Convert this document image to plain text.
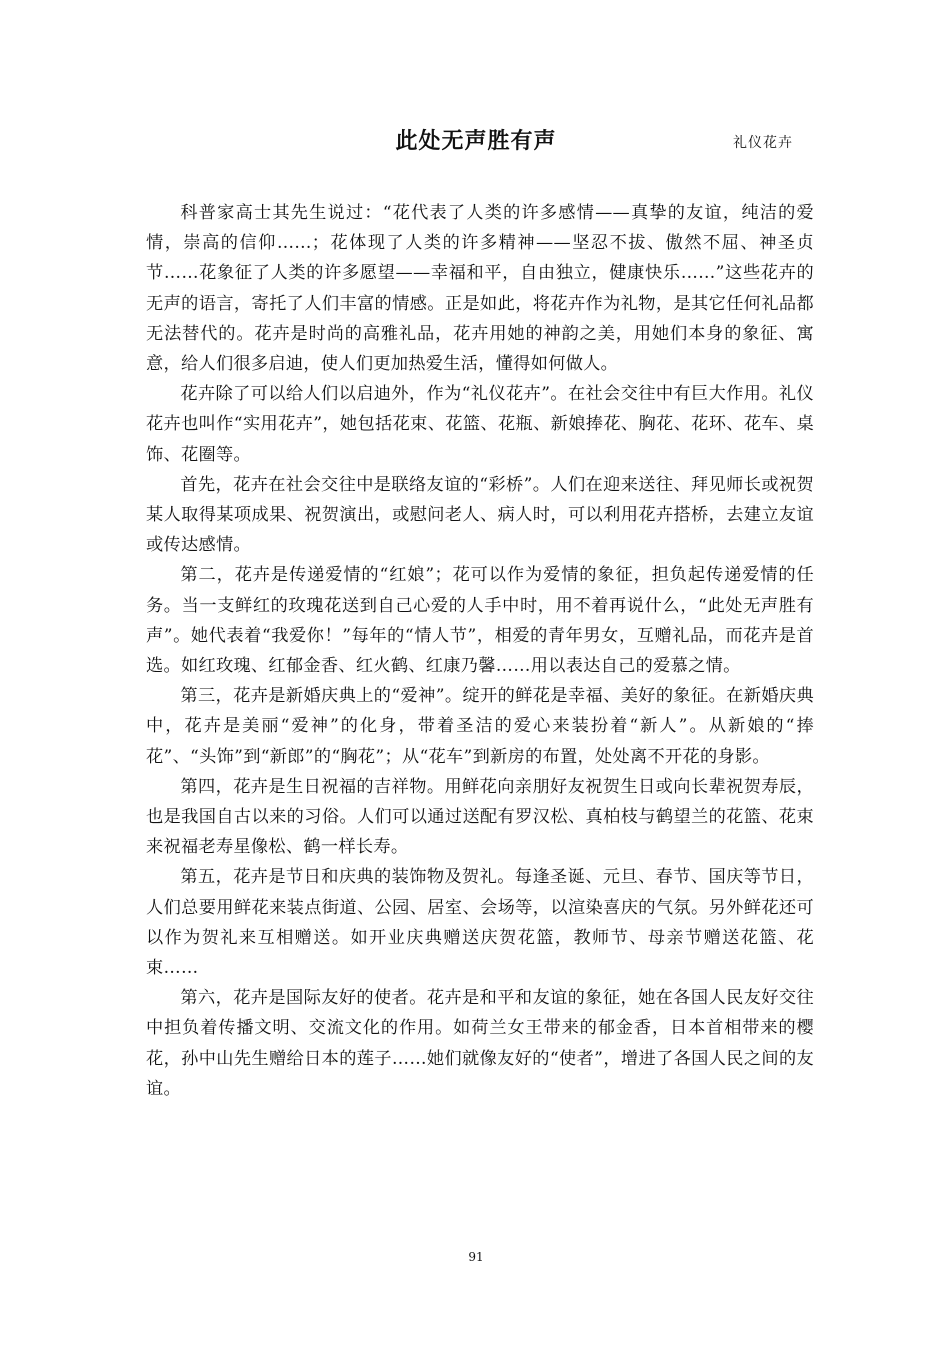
此处无声胜有声	礼仪花卉

科普家高士其先生说过：“花代表了人类的许多感情——真挚的友谊，纯洁的爱情，崇高的信仰……；花体现了人类的许多精神——坚忍不拔、傲然不屈、神圣贞节……花象征了人类的许多愿望——幸福和平，自由独立，健康快乐……”这些花卉的无声的语言，寄托了人们丰富的情感。正是如此，将花卉作为礼物，是其它任何礼品都无法替代的。花卉是时尚的高雅礼品，花卉用她的神韵之美，用她们本身的象征、寓意，给人们很多启迪，使人们更加热爱生活，懂得如何做人。

花卉除了可以给人们以启迪外，作为“礼仪花卉”。在社会交往中有巨大作用。礼仪花卉也叫作“实用花卉”，她包括花束、花篮、花瓶、新娘捧花、胸花、花环、花车、桌饰、花圈等。

首先，花卉在社会交往中是联络友谊的“彩桥”。人们在迎来送往、拜见师长或祝贺某人取得某项成果、祝贺演出，或慰问老人、病人时，可以利用花卉搭桥，去建立友谊或传达感情。

第二，花卉是传递爱情的“红娘”；花可以作为爱情的象征，担负起传递爱情的任务。当一支鲜红的玫瑰花送到自己心爱的人手中时，用不着再说什么，“此处无声胜有声”。她代表着“我爱你！”每年的“情人节”，相爱的青年男女，互赠礼品，而花卉是首选。如红玫瑰、红郁金香、红火鹤、红康乃馨……用以表达自己的爱慕之情。

第三，花卉是新婚庆典上的“爱神”。绽开的鲜花是幸福、美好的象征。在新婚庆典中，花卉是美丽“爱神”的化身，带着圣洁的爱心来装扮着“新人”。从新娘的“捧花”、“头饰”到“新郎”的“胸花”；从“花车”到新房的布置，处处离不开花的身影。

第四，花卉是生日祝福的吉祥物。用鲜花向亲朋好友祝贺生日或向长辈祝贺寿辰，也是我国自古以来的习俗。人们可以通过送配有罗汉松、真柏枝与鹤望兰的花篮、花束来祝福老寿星像松、鹤一样长寿。

第五，花卉是节日和庆典的装饰物及贺礼。每逢圣诞、元旦、春节、国庆等节日，人们总要用鲜花来装点街道、公园、居室、会场等，以渲染喜庆的气氛。另外鲜花还可以作为贺礼来互相赠送。如开业庆典赠送庆贺花篮，教师节、母亲节赠送花篮、花束……

第六，花卉是国际友好的使者。花卉是和平和友谊的象征，她在各国人民友好交往中担负着传播文明、交流文化的作用。如荷兰女王带来的郁金香，日本首相带来的樱花，孙中山先生赠给日本的莲子……她们就像友好的“使者”，增进了各国人民之间的友谊。

91
